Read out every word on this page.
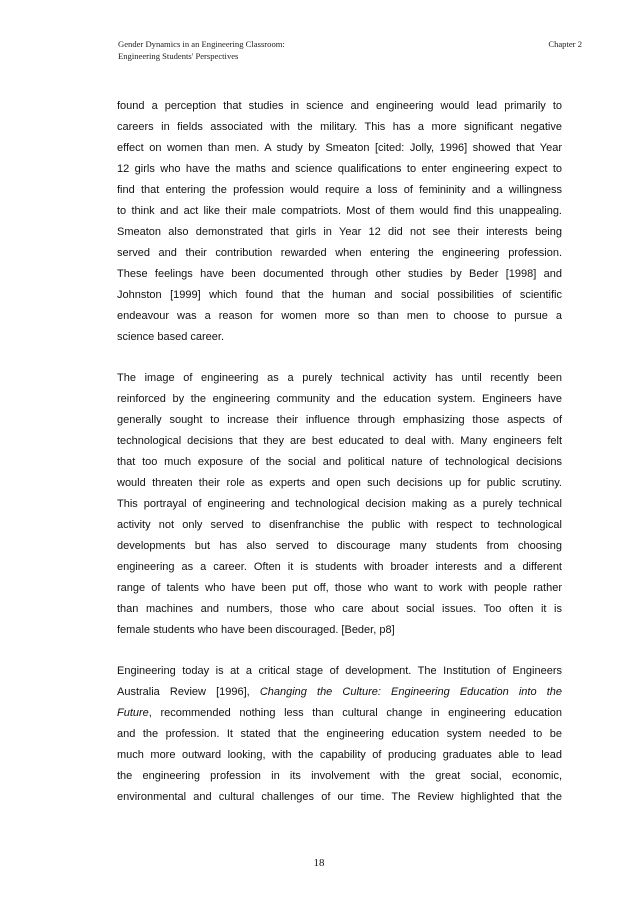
Gender Dynamics in an Engineering Classroom:
Engineering Students' Perspectives
Chapter 2

found a perception that studies in science and engineering would lead primarily to
careers in fields associated with the military. This has a more significant negative
effect on women than men. A study by Smeaton [cited: Jolly, 1996] showed that Year
12 girls who have the maths and science qualifications to enter engineering expect to
find that entering the profession would require a loss of femininity and a willingness
to think and act like their male compatriots. Most of them would find this unappealing.
Smeaton also demonstrated that girls in Year 12 did not see their interests being
served and their contribution rewarded when entering the engineering profession.
These feelings have been documented through other studies by Beder [1998] and
Johnston [1999] which found that the human and social possibilities of scientific
endeavour was a reason for women more so than men to choose to pursue a
science based career.

The image of engineering as a purely technical activity has until recently been
reinforced by the engineering community and the education system. Engineers have
generally sought to increase their influence through emphasizing those aspects of
technological decisions that they are best educated to deal with. Many engineers felt
that too much exposure of the social and political nature of technological decisions
would threaten their role as experts and open such decisions up for public scrutiny.
This portrayal of engineering and technological decision making as a purely technical
activity not only served to disenfranchise the public with respect to technological
developments but has also served to discourage many students from choosing
engineering as a career. Often it is students with broader interests and a different
range of talents who have been put off, those who want to work with people rather
than machines and numbers, those who care about social issues. Too often it is
female students who have been discouraged. [Beder, p8]

Engineering today is at a critical stage of development. The Institution of Engineers
Australia Review [1996], Changing the Culture: Engineering Education into the
Future, recommended nothing less than cultural change in engineering education
and the profession. It stated that the engineering education system needed to be
much more outward looking, with the capability of producing graduates able to lead
the engineering profession in its involvement with the great social, economic,
environmental and cultural challenges of our time. The Review highlighted that the

18
